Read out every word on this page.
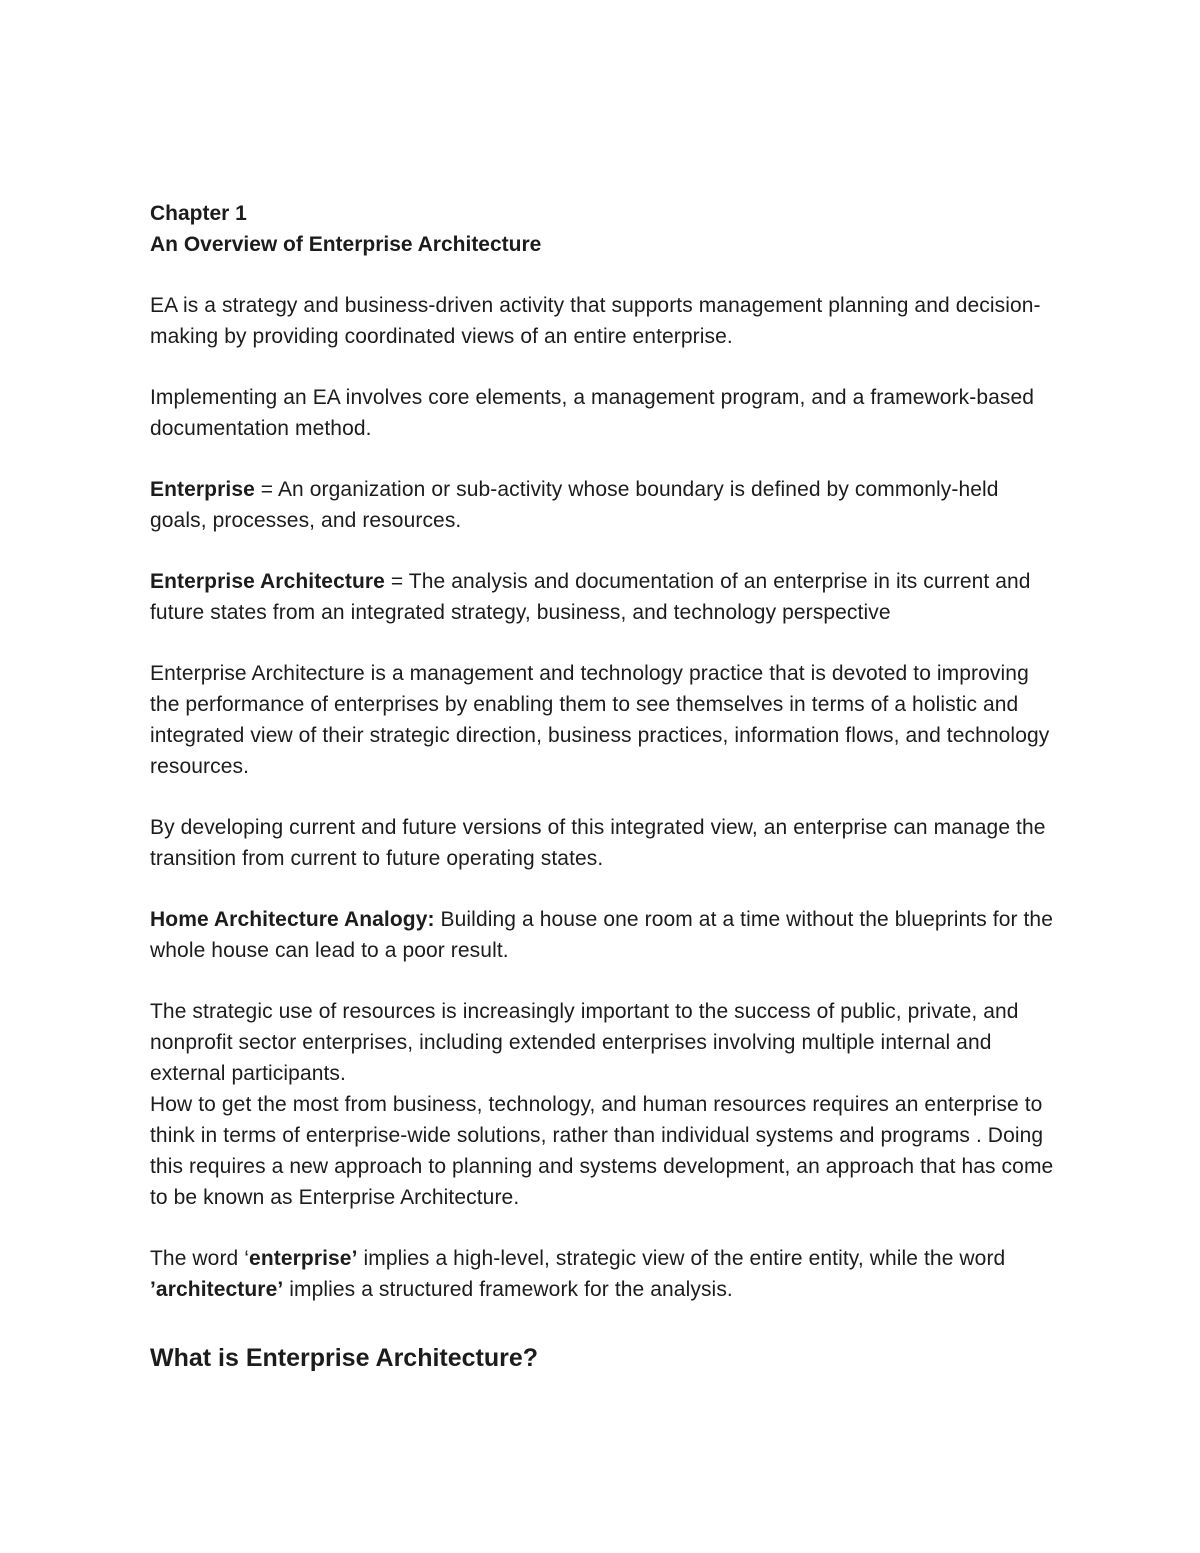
Chapter 1

An Overview of Enterprise Architecture

EA is a strategy and business-driven activity that supports management planning and decision-making by providing coordinated views of an entire enterprise.

Implementing an EA involves core elements, a management program, and a framework-based documentation method.

Enterprise = An organization or sub-activity whose boundary is defined by commonly-held goals, processes, and resources.

Enterprise Architecture = The analysis and documentation of an enterprise in its current and future states from an integrated strategy, business, and technology perspective

Enterprise Architecture is a management and technology practice that is devoted to improving the performance of enterprises by enabling them to see themselves in terms of a holistic and integrated view of their strategic direction, business practices, information flows, and technology resources.

By developing current and future versions of this integrated view, an enterprise can manage the transition from current to future operating states.

Home Architecture Analogy: Building a house one room at a time without the blueprints for the whole house can lead to a poor result.

The strategic use of resources is increasingly important to the success of public, private, and nonprofit sector enterprises, including extended enterprises involving multiple internal and external participants.

How to get the most from business, technology, and human resources requires an enterprise to think in terms of enterprise-wide solutions, rather than individual systems and programs . Doing this requires a new approach to planning and systems development, an approach that has come to be known as Enterprise Architecture.

The word ‘enterprise’ implies a high-level, strategic view of the entire entity, while the word ’architecture’ implies a structured framework for the analysis.

What is Enterprise Architecture?
